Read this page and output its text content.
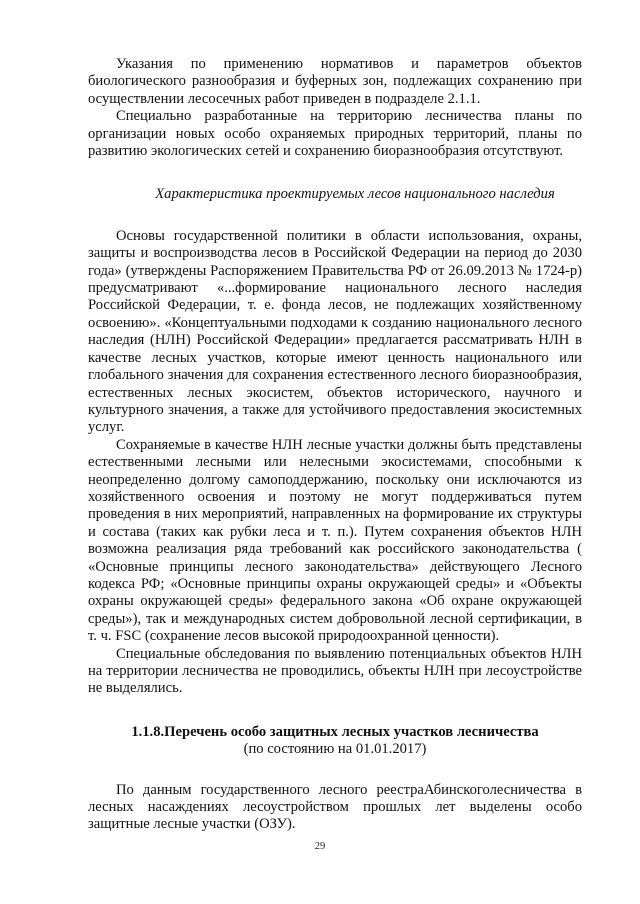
Указания по применению нормативов и параметров объектов биологического разнообразия и буферных зон, подлежащих сохранению при осуществлении лесосечных работ приведен в подразделе 2.1.1.

Специально разработанные на территорию лесничества планы по организации новых особо охраняемых природных территорий, планы по развитию экологических сетей и сохранению биоразнообразия отсутствуют.

Характеристика проектируемых лесов национального наследия

Основы государственной политики в области использования, охраны, защиты и воспроизводства лесов в Российской Федерации на период до 2030 года» (утверждены Распоряжением Правительства РФ от 26.09.2013 № 1724-р) предусматривают «...формирование национального лесного наследия Российской Федерации, т. е. фонда лесов, не подлежащих хозяйственному освоению». «Концептуальными подходами к созданию национального лесного наследия (НЛН) Российской Федерации» предлагается рассматривать НЛН в качестве лесных участков, которые имеют ценность национального или глобального значения для сохранения естественного лесного биоразнообразия, естественных лесных экосистем, объектов исторического, научного и культурного значения, а также для устойчивого предоставления экосистемных услуг.

Сохраняемые в качестве НЛН лесные участки должны быть представлены естественными лесными или нелесными экосистемами, способными к неопределенно долгому самоподдержанию, поскольку они исключаются из хозяйственного освоения и поэтому не могут поддерживаться путем проведения в них мероприятий, направленных на формирование их структуры и состава (таких как рубки леса и т. п.). Путем сохранения объектов НЛН возможна реализация ряда требований как российского законодательства ( «Основные принципы лесного законодательства» действующего Лесного кодекса РФ; «Основные принципы охраны окружающей среды» и «Объекты охраны окружающей среды» федерального закона «Об охране окружающей среды»), так и международных систем добровольной лесной сертификации, в т. ч. FSC (сохранение лесов высокой природоохранной ценности).

Специальные обследования по выявлению потенциальных объектов НЛН на территории лесничества не проводились, объекты НЛН при лесоустройстве не выделялись.

1.1.8.Перечень особо защитных лесных участков лесничества

(по состоянию на 01.01.2017)

По данным государственного лесного реестраАбинскоголесничества в лесных насаждениях лесоустройством прошлых лет выделены особо защитные лесные участки (ОЗУ).

29
